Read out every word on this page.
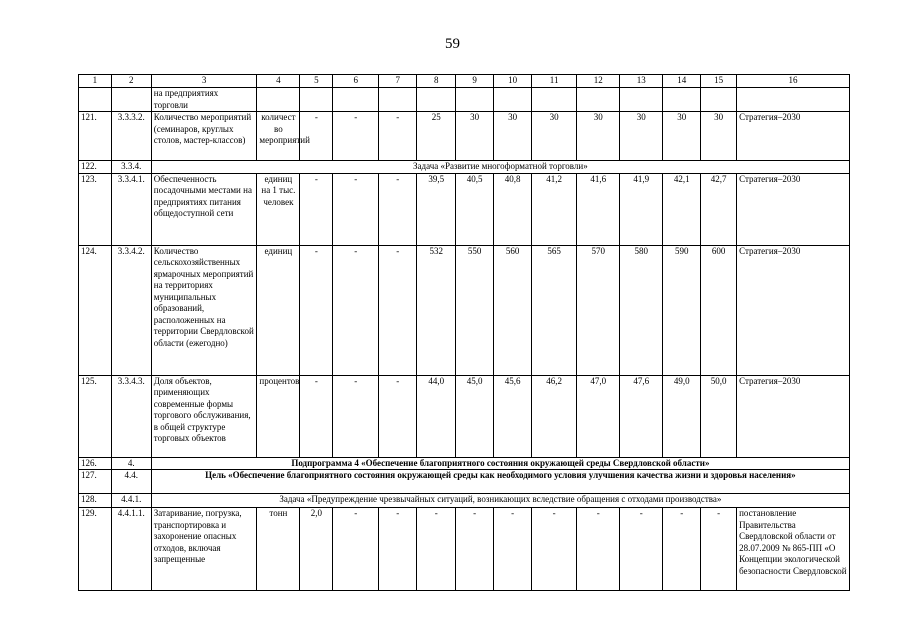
59
1	2	3	4	5	6	7	8	9	10	11	12	13	14	15	16
		на предприятиях торговли													
121.	3.3.3.2.	Количество мероприятий (семинаров, круглых столов, мастер-классов)	количест во мероприятий	-	-	-	25	30	30	30	30	30	30	30	Стратегия–2030
122.	3.3.4.	Задача «Развитие многоформатной торговли»													
123.	3.3.4.1.	Обеспеченность посадочными местами на предприятиях питания общедоступной сети	единиц на 1 тыс. человек	-	-	-	39,5	40,5	40,8	41,2	41,6	41,9	42,1	42,7	Стратегия–2030
124.	3.3.4.2.	Количество сельскохозяйственных ярмарочных мероприятий на территориях муниципальных образований, расположенных на территории Свердловской области (ежегодно)	единиц	-	-	-	532	550	560	565	570	580	590	600	Стратегия–2030
125.	3.3.4.3.	Доля объектов, применяющих современные формы торгового обслуживания, в общей структуре торговых объектов	процентов	-	-	-	44,0	45,0	45,6	46,2	47,0	47,6	49,0	50,0	Стратегия–2030
126.	4.	Подпрограмма 4 «Обеспечение благоприятного состояния окружающей среды Свердловской области»													
127.	4.4.	Цель «Обеспечение благоприятного состояния окружающей среды как необходимого условия улучшения качества жизни и здоровья населения»													
128.	4.4.1.	Задача «Предупреждение чрезвычайных ситуаций, возникающих вследствие обращения с отходами производства»													
129.	4.4.1.1.	Затаривание, погрузка, транспортировка и захоронение опасных отходов, включая запрещенные	тонн	2,0	-	-	-	-	-	-	-	-	-	-	постановление Правительства Свердловской области от 28.07.2009 № 865-ПП «О Концепции экологической безопасности Свердловской
